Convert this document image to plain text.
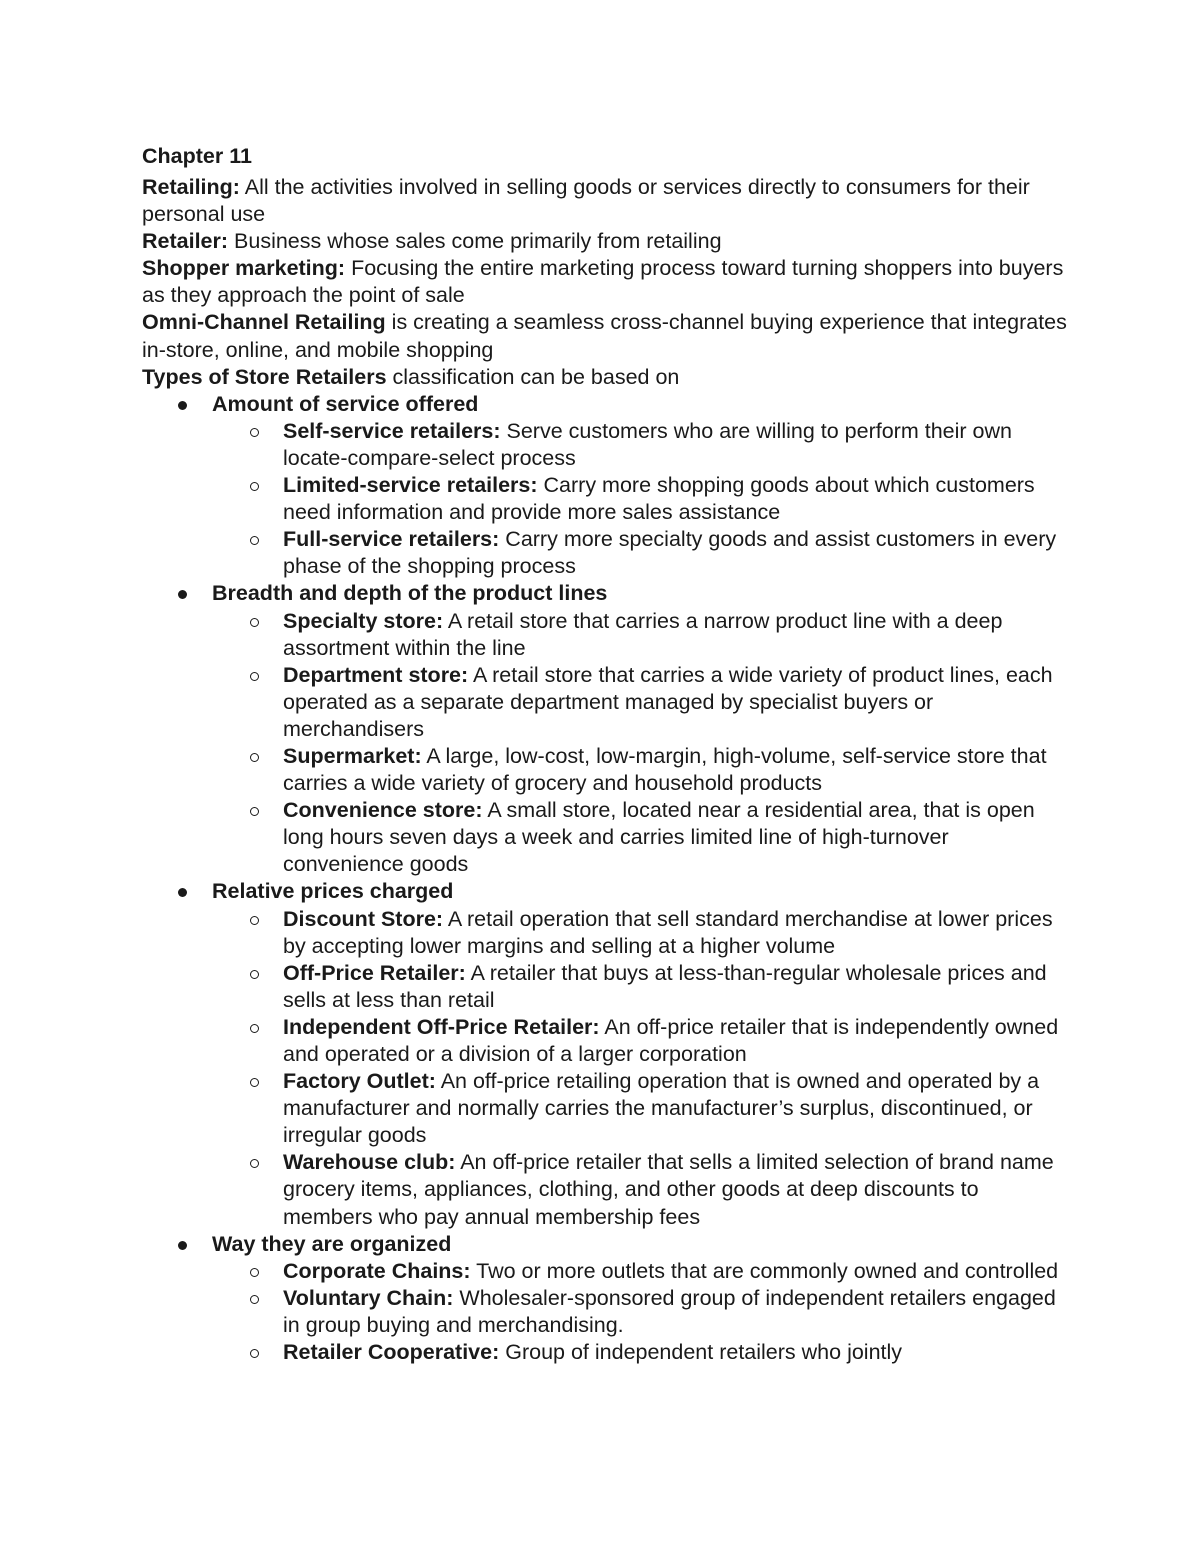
Chapter 11

Retailing: All the activities involved in selling goods or services directly to consumers for their personal use

Retailer: Business whose sales come primarily from retailing

Shopper marketing: Focusing the entire marketing process toward turning shoppers into buyers as they approach the point of sale

Omni-Channel Retailing is creating a seamless cross-channel buying experience that integrates in-store, online, and mobile shopping

Types of Store Retailers classification can be based on

Amount of service offered
Self-service retailers: Serve customers who are willing to perform their own locate-compare-select process
Limited-service retailers: Carry more shopping goods about which customers need information and provide more sales assistance
Full-service retailers: Carry more specialty goods and assist customers in every phase of the shopping process
Breadth and depth of the product lines
Specialty store: A retail store that carries a narrow product line with a deep assortment within the line
Department store: A retail store that carries a wide variety of product lines, each operated as a separate department managed by specialist buyers or merchandisers
Supermarket: A large, low-cost, low-margin, high-volume, self-service store that carries a wide variety of grocery and household products
Convenience store: A small store, located near a residential area, that is open long hours seven days a week and carries limited line of high-turnover convenience goods
Relative prices charged
Discount Store: A retail operation that sell standard merchandise at lower prices by accepting lower margins and selling at a higher volume
Off-Price Retailer: A retailer that buys at less-than-regular wholesale prices and sells at less than retail
Independent Off-Price Retailer: An off-price retailer that is independently owned and operated or a division of a larger corporation
Factory Outlet: An off-price retailing operation that is owned and operated by a manufacturer and normally carries the manufacturer’s surplus, discontinued, or irregular goods
Warehouse club: An off-price retailer that sells a limited selection of brand name grocery items, appliances, clothing, and other goods at deep discounts to members who pay annual membership fees
Way they are organized
Corporate Chains: Two or more outlets that are commonly owned and controlled
Voluntary Chain: Wholesaler-sponsored group of independent retailers engaged in group buying and merchandising.
Retailer Cooperative: Group of independent retailers who jointly
